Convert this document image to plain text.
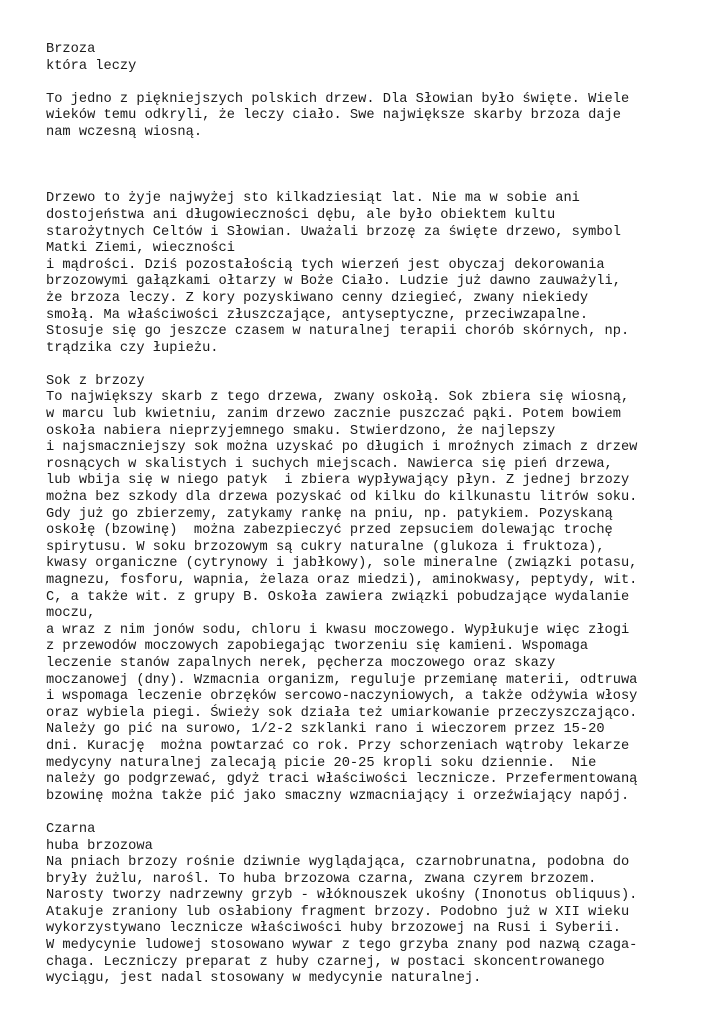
Brzoza
która leczy
To jedno z piękniejszych polskich drzew. Dla Słowian było święte. Wiele
wieków temu odkryli, że leczy ciało. Swe największe skarby brzoza daje
nam wczesną wiosną.
Drzewo to żyje najwyżej sto kilkadziesiąt lat. Nie ma w sobie ani
dostojeństwa ani długowieczności dębu, ale było obiektem kultu
starożytnych Celtów i Słowian. Uważali brzozę za święte drzewo, symbol
Matki Ziemi, wieczności
i mądrości. Dziś pozostałością tych wierzeń jest obyczaj dekorowania
brzozowymi gałązkami ołtarzy w Boże Ciało. Ludzie już dawno zauważyli,
że brzoza leczy. Z kory pozyskiwano cenny dziegieć, zwany niekiedy
smołą. Ma właściwości złuszczające, antyseptyczne, przeciwzapalne.
Stosuje się go jeszcze czasem w naturalnej terapii chorób skórnych, np.
trądzika czy łupieżu.
Sok z brzozy
To największy skarb z tego drzewa, zwany oskołą. Sok zbiera się wiosną,
w marcu lub kwietniu, zanim drzewo zacznie puszczać pąki. Potem bowiem
oskoła nabiera nieprzyjemnego smaku. Stwierdzono, że najlepszy
i najsmaczniejszy sok można uzyskać po długich i mroźnych zimach z drzew
rosnących w skalistych i suchych miejscach. Nawierca się pień drzewa,
lub wbija się w niego patyk  i zbiera wypływający płyn. Z jednej brzozy
można bez szkody dla drzewa pozyskać od kilku do kilkunastu litrów soku.
Gdy już go zbierzemy, zatykamy rankę na pniu, np. patykiem. Pozyskaną
oskołę (bzowinę)  można zabezpieczyć przed zepsuciem dolewając trochę
spirytusu. W soku brzozowym są cukry naturalne (glukoza i fruktoza),
kwasy organiczne (cytrynowy i jabłkowy), sole mineralne (związki potasu,
magnezu, fosforu, wapnia, żelaza oraz miedzi), aminokwasy, peptydy, wit.
C, a także wit. z grupy B. Oskoła zawiera związki pobudzające wydalanie
moczu,
a wraz z nim jonów sodu, chloru i kwasu moczowego. Wypłukuje więc złogi
z przewodów moczowych zapobiegając tworzeniu się kamieni. Wspomaga
leczenie stanów zapalnych nerek, pęcherza moczowego oraz skazy
moczanowej (dny). Wzmacnia organizm, reguluje przemianę materii, odtruwa
i wspomaga leczenie obrzęków sercowo-naczyniowych, a także odżywia włosy
oraz wybiela piegi. Świeży sok działa też umiarkowanie przeczyszczająco.
Należy go pić na surowo, 1/2-2 szklanki rano i wieczorem przez 15-20
dni. Kurację  można powtarzać co rok. Przy schorzeniach wątroby lekarze
medycyny naturalnej zalecają picie 20-25 kropli soku dziennie.  Nie
należy go podgrzewać, gdyż traci właściwości lecznicze. Przefermentowaną
bzowinę można także pić jako smaczny wzmacniający i orzeźwiający napój.
Czarna
huba brzozowa
Na pniach brzozy rośnie dziwnie wyglądająca, czarnobrunatna, podobna do
bryły żużlu, narośl. To huba brzozowa czarna, zwana czyrem brzozem.
Narosty tworzy nadrzewny grzyb - włóknouszek ukośny (Inonotus obliquus).
Atakuje zraniony lub osłabiony fragment brzozy. Podobno już w XII wieku
wykorzystywano lecznicze właściwości huby brzozowej na Rusi i Syberii.
W medycynie ludowej stosowano wywar z tego grzyba znany pod nazwą czaga-
chaga. Leczniczy preparat z huby czarnej, w postaci skoncentrowanego
wyciągu, jest nadal stosowany w medycynie naturalnej.
